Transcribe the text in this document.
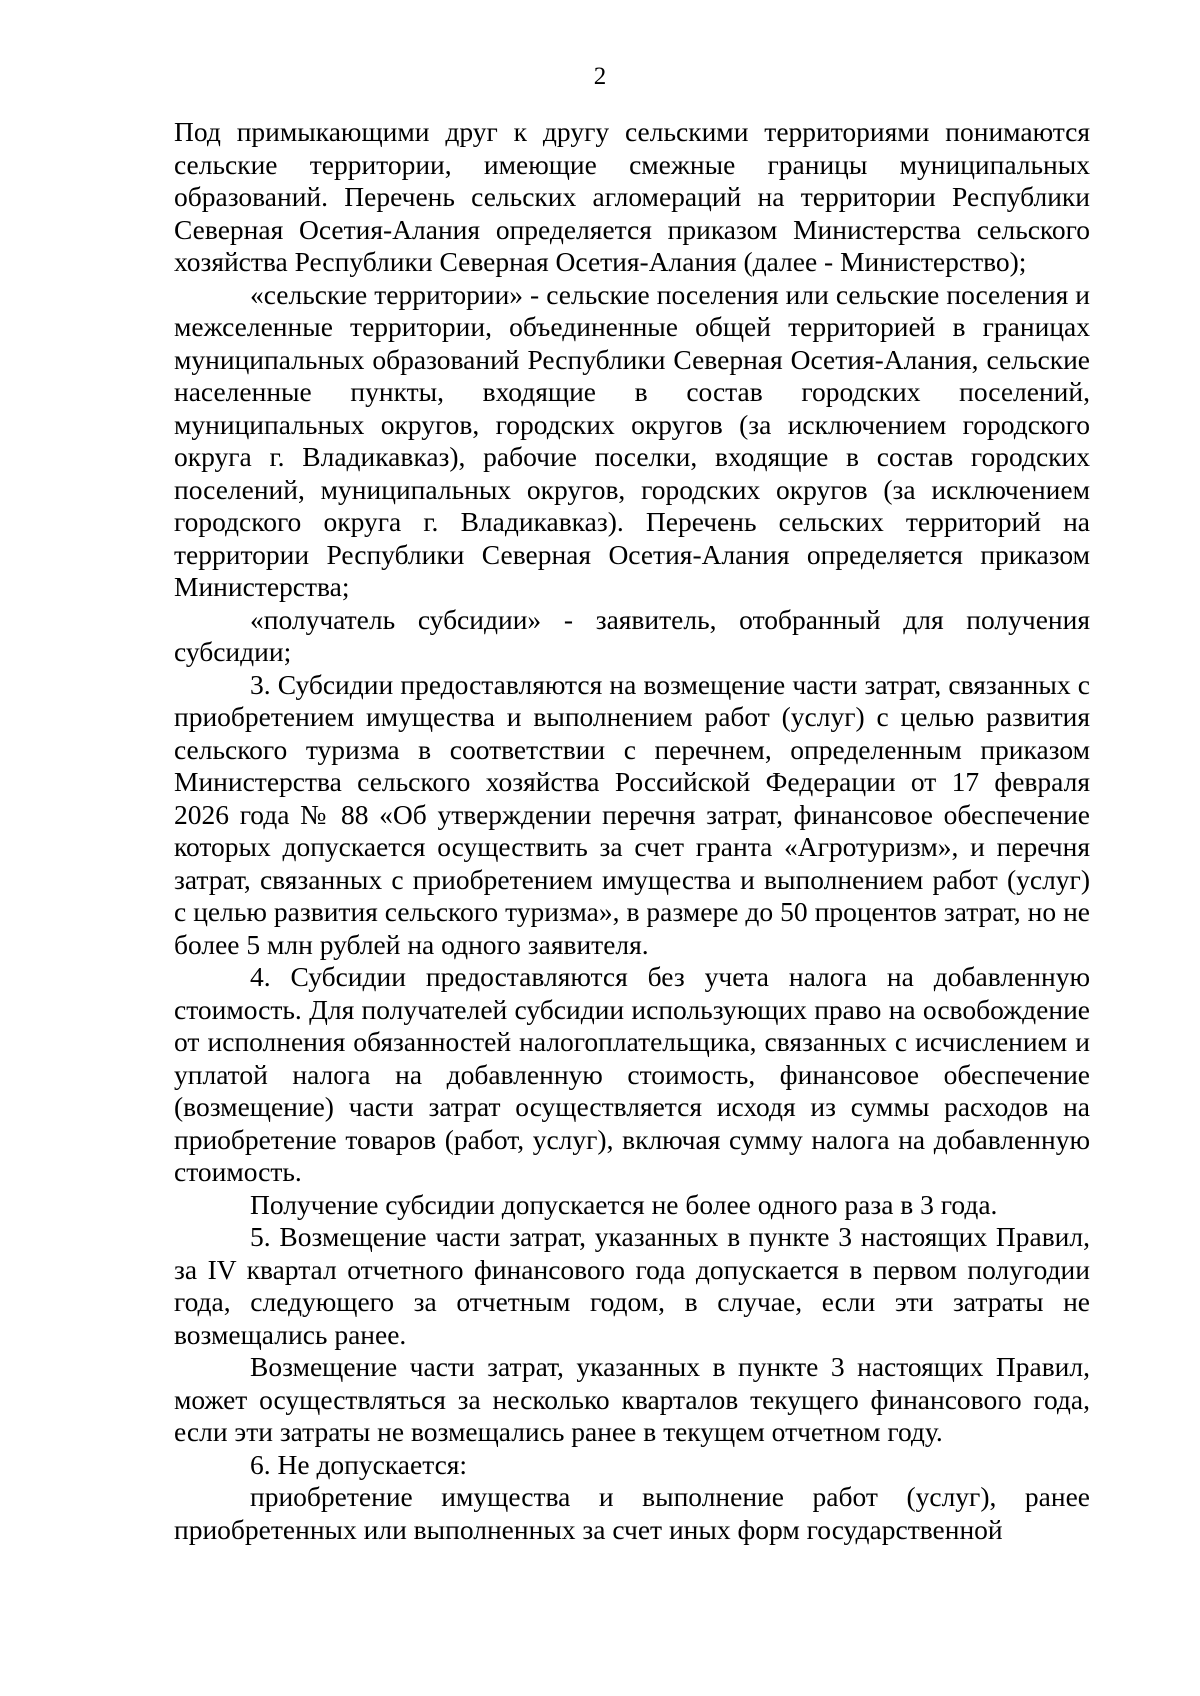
2

Под примыкающими друг к другу сельскими территориями понимаются сельские территории, имеющие смежные границы муниципальных образований. Перечень сельских агломераций на территории Республики Северная Осетия-Алания определяется приказом Министерства сельского хозяйства Республики Северная Осетия-Алания (далее - Министерство);

«сельские территории» - сельские поселения или сельские поселения и межселенные территории, объединенные общей территорией в границах муниципальных образований Республики Северная Осетия-Алания, сельские населенные пункты, входящие в состав городских поселений, муниципальных округов, городских округов (за исключением городского округа г. Владикавказ), рабочие поселки, входящие в состав городских поселений, муниципальных округов, городских округов (за исключением городского округа г. Владикавказ). Перечень сельских территорий на территории Республики Северная Осетия-Алания определяется приказом Министерства;

«получатель субсидии» - заявитель, отобранный для получения субсидии;

3. Субсидии предоставляются на возмещение части затрат, связанных с приобретением имущества и выполнением работ (услуг) с целью развития сельского туризма в соответствии с перечнем, определенным приказом Министерства сельского хозяйства Российской Федерации от 17 февраля 2026 года № 88 «Об утверждении перечня затрат, финансовое обеспечение которых допускается осуществить за счет гранта «Агротуризм», и перечня затрат, связанных с приобретением имущества и выполнением работ (услуг) с целью развития сельского туризма», в размере до 50 процентов затрат, но не более 5 млн рублей на одного заявителя.

4. Субсидии предоставляются без учета налога на добавленную стоимость. Для получателей субсидии использующих право на освобождение от исполнения обязанностей налогоплательщика, связанных с исчислением и уплатой налога на добавленную стоимость, финансовое обеспечение (возмещение) части затрат осуществляется исходя из суммы расходов на приобретение товаров (работ, услуг), включая сумму налога на добавленную стоимость.

Получение субсидии допускается не более одного раза в 3 года.

5. Возмещение части затрат, указанных в пункте 3 настоящих Правил, за IV квартал отчетного финансового года допускается в первом полугодии года, следующего за отчетным годом, в случае, если эти затраты не возмещались ранее.

Возмещение части затрат, указанных в пункте 3 настоящих Правил, может осуществляться за несколько кварталов текущего финансового года, если эти затраты не возмещались ранее в текущем отчетном году.

6. Не допускается:

приобретение имущества и выполнение работ (услуг), ранее приобретенных или выполненных за счет иных форм государственной
